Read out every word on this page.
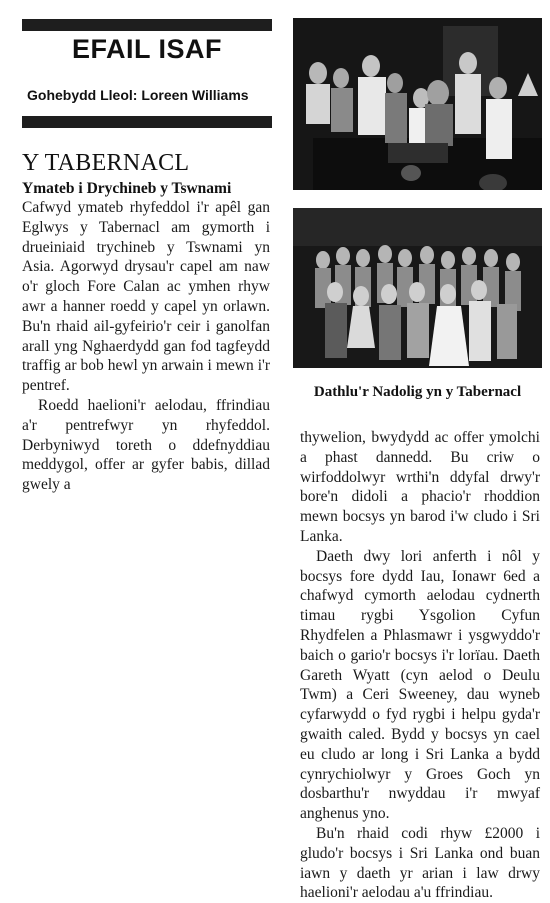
EFAIL ISAF
Gohebydd Lleol: Loreen Williams
Y TABERNACL
Ymateb i Drychineb y Tswnami

Cafwyd ymateb rhyfeddol i'r apêl gan Eglwys y Tabernacl am gymorth i drueiniaid trychineb y Tswnami yn Asia. Agorwyd drysau'r capel am naw o'r gloch Fore Calan ac ymhen rhyw awr a hanner roedd y capel yn orlawn. Bu'n rhaid ail-gyfeirio'r ceir i ganolfan arall yng Nghaerdydd gan fod tagfeydd traffig ar bob hewl yn arwain i mewn i'r pentref.

Roedd haelioni'r aelodau, ffrindiau a'r pentrefwyr yn rhyfeddol. Derbyniwyd toreth o ddefnyddiau meddygol, offer ar gyfer babis, dillad gwely a

Dathlu'r Nadolig yn y Tabernacl

thywelion, bwydydd ac offer ymolchi a phast dannedd. Bu criw o wirfoddolwyr wrthi'n ddyfal drwy'r bore'n didoli a phacio'r rhoddion mewn bocsys yn barod i'w cludo i Sri Lanka.

Daeth dwy lori anferth i nôl y bocsys fore dydd Iau, Ionawr 6ed a chafwyd cymorth aelodau cydnerth timau rygbi Ysgolion Cyfun Rhydfelen a Phlasmawr i ysgwyddo'r baich o gario'r bocsys i'r lorïau. Daeth Gareth Wyatt (cyn aelod o Deulu Twm) a Ceri Sweeney, dau wyneb cyfarwydd o fyd rygbi i helpu gyda'r gwaith caled. Bydd y bocsys yn cael eu cludo ar long i Sri Lanka a bydd cynrychiolwyr y Groes Goch yn dosbarthu'r nwyddau i'r mwyaf anghenus yno.

Bu'n rhaid codi rhyw £2000 i gludo'r bocsys i Sri Lanka ond buan iawn y daeth yr arian i law drwy haelioni'r aelodau a'u ffrindiau.
